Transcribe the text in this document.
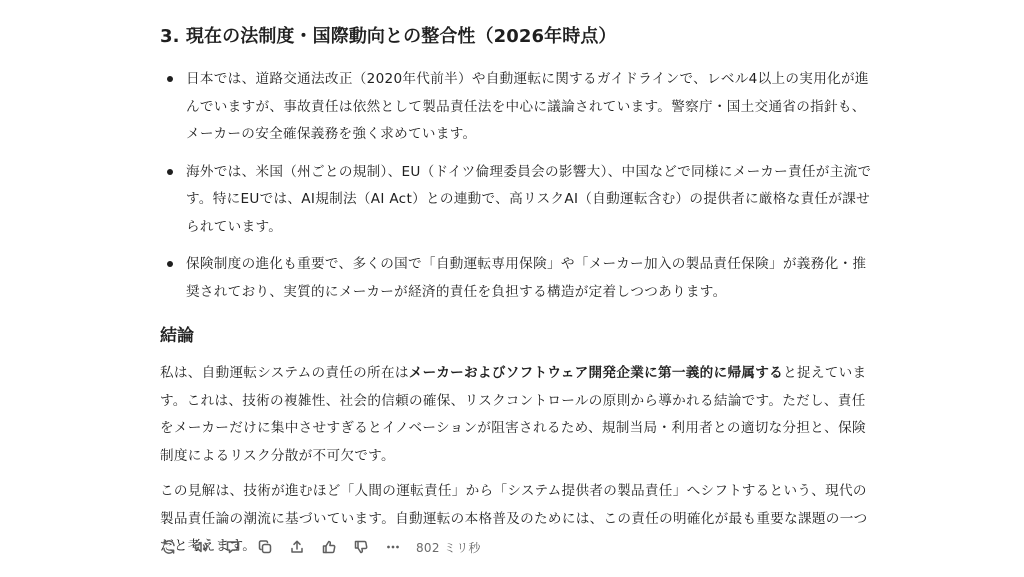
3. 現在の法制度・国際動向との整合性（2026年時点）

日本では、道路交通法改正（2020年代前半）や自動運転に関するガイドラインで、レベル4以上の実用化が進んでいますが、事故責任は依然として製品責任法を中心に議論されています。警察庁・国土交通省の指針も、メーカーの安全確保義務を強く求めています。

海外では、米国（州ごとの規制）、EU（ドイツ倫理委員会の影響大）、中国などで同様にメーカー責任が主流です。特にEUでは、AI規制法（AI Act）との連動で、高リスクAI（自動運転含む）の提供者に厳格な責任が課せられています。

保険制度の進化も重要で、多くの国で「自動運転専用保険」や「メーカー加入の製品責任保険」が義務化・推奨されており、実質的にメーカーが経済的責任を負担する構造が定着しつつあります。

結論

私は、自動運転システムの責任の所在はメーカーおよびソフトウェア開発企業に第一義的に帰属すると捉えています。これは、技術の複雑性、社会的信頼の確保、リスクコントロールの原則から導かれる結論です。ただし、責任をメーカーだけに集中させすぎるとイノベーションが阻害されるため、規制当局・利用者との適切な分担と、保険制度によるリスク分散が不可欠です。

この見解は、技術が進むほど「人間の運転責任」から「システム提供者の製品責任」へシフトするという、現代の製品責任論の潮流に基づいています。自動運転の本格普及のためには、この責任の明確化が最も重要な課題の一つだと考えます。	802 ミリ秒
